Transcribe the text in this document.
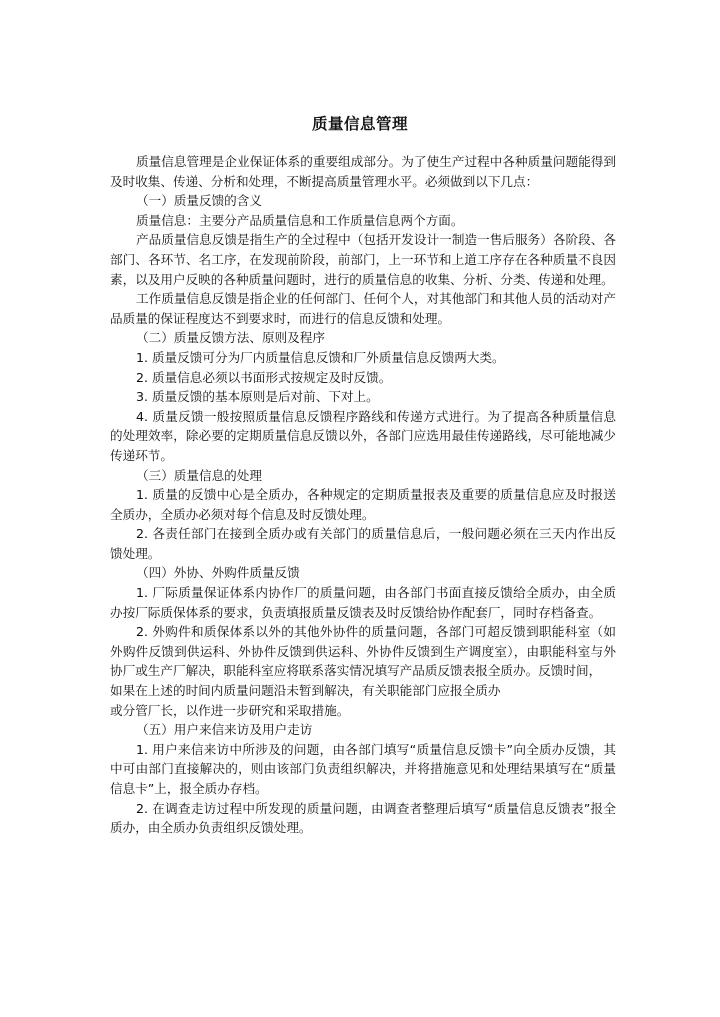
质量信息管理

质量信息管理是企业保证体系的重要组成部分。为了使生产过程中各种质量问题能得到及时收集、传递、分析和处理，不断提高质量管理水平。必须做到以下几点：

（一）质量反馈的含义

质量信息：主要分产品质量信息和工作质量信息两个方面。

产品质量信息反馈是指生产的全过程中（包括开发设计一制造一售后服务）各阶段、各部门、各环节、名工序，在发现前阶段，前部门，上一环节和上道工序存在各种质量不良因素，以及用户反映的各种质量问题时，进行的质量信息的收集、分析、分类、传递和处理。

工作质量信息反馈是指企业的任何部门、任何个人，对其他部门和其他人员的活动对产品质量的保证程度达不到要求时，而进行的信息反馈和处理。

（二）质量反馈方法、原则及程序

1. 质量反馈可分为厂内质量信息反馈和厂外质量信息反馈两大类。

2. 质量信息必须以书面形式按规定及时反馈。

3. 质量反馈的基本原则是后对前、下对上。

4. 质量反馈一般按照质量信息反馈程序路线和传递方式进行。为了提高各种质量信息的处理效率，除必要的定期质量信息反馈以外，各部门应选用最佳传递路线，尽可能地减少传递环节。

（三）质量信息的处理

1. 质量的反馈中心是全质办，各种规定的定期质量报表及重要的质量信息应及时报送全质办，全质办必须对每个信息及时反馈处理。

2. 各责任部门在接到全质办或有关部门的质量信息后，一般问题必须在三天内作出反馈处理。

（四）外协、外购件质量反馈

1. 厂际质量保证体系内协作厂的质量问题，由各部门书面直接反馈给全质办，由全质办按厂际质保体系的要求，负责填报质量反馈表及时反馈给协作配套厂，同时存档备查。

2. 外购件和质保体系以外的其他外协件的质量问题，各部门可超反馈到职能科室（如外购件反馈到供运科、外协件反馈到供运科、外协件反馈到生产调度室），由职能科室与外协厂或生产厂解决，职能科室应将联系落实情况填写产品质反馈表报全质办。反馈时间，

如果在上述的时间内质量问题沿未暂到解决，有关职能部门应报全质办

或分管厂长，以作进一步研究和采取措施。

（五）用户来信来访及用户走访

1. 用户来信来访中所涉及的问题，由各部门填写“质量信息反馈卡”向全质办反馈，其中可由部门直接解决的，则由该部门负责组织解决，并将措施意见和处理结果填写在“质量信息卡”上，报全质办存档。

2. 在调查走访过程中所发现的质量问题，由调查者整理后填写“质量信息反馈表”报全质办，由全质办负责组织反馈处理。
